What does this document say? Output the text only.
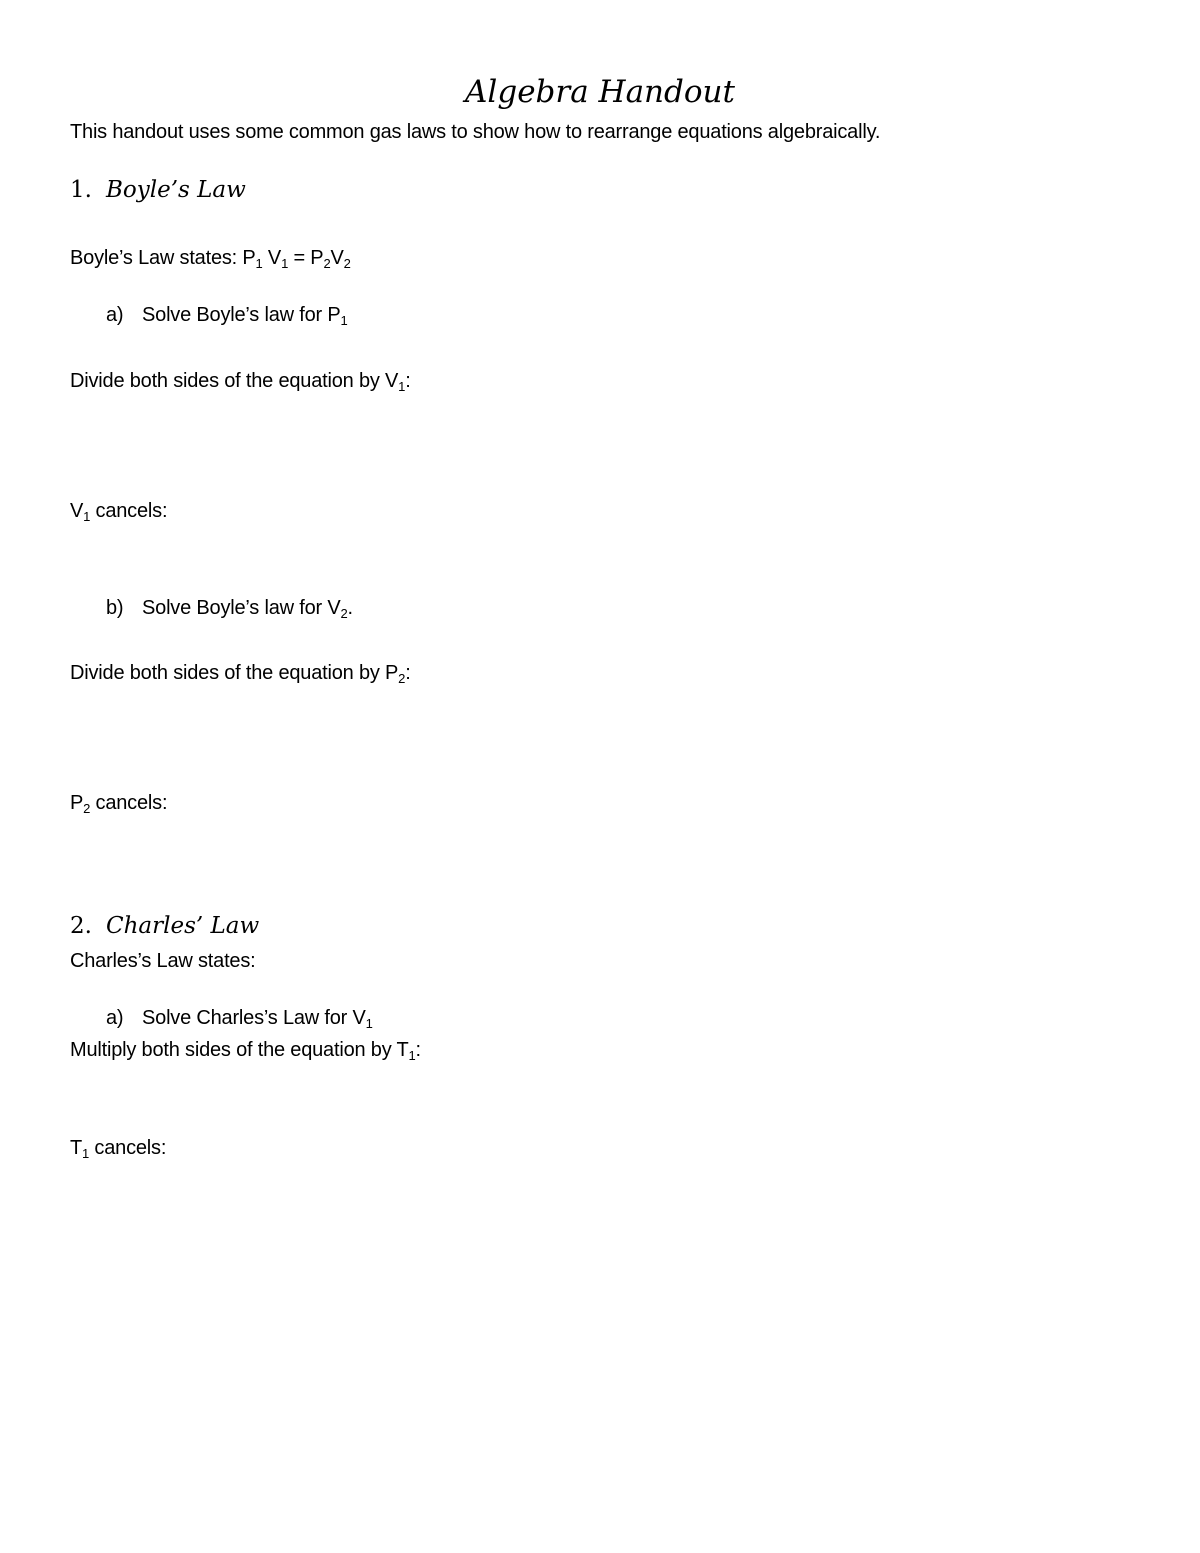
Algebra Handout
This handout uses some common gas laws to show how to rearrange equations algebraically.
1. Boyle’s Law
Boyle’s Law states: $P_1$ $V_1 = P_2V_2$
a) Solve Boyle’s law for $P_1$
Divide both sides of the equation by $V_1$:
$V_1$ cancels:
b) Solve Boyle’s law for $V_2$.
Divide both sides of the equation by $P_2$:
$P_2$ cancels:
2. Charles’ Law
Charles’s Law states:
a) Solve Charles’s Law for $V_1$
Multiply both sides of the equation by $T_1$:
$T_1$ cancels:
